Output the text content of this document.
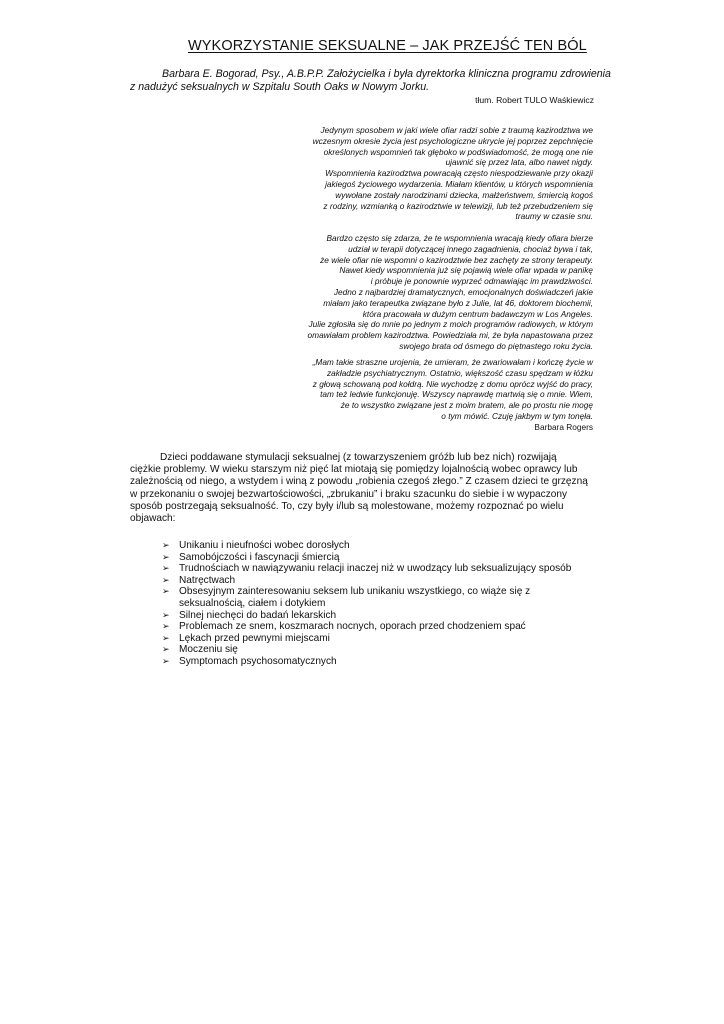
WYKORZYSTANIE SEKSUALNE – JAK PRZEJŚĆ TEN BÓL
Barbara E. Bogorad, Psy., A.B.P.P. Założycielka i była dyrektorka kliniczna programu zdrowienia
z nadużyć seksualnych w Szpitalu South Oaks w Nowym Jorku.
tłum. Robert TULO Waśkiewicz
Jedynym sposobem w jaki wiele ofiar radzi sobie z traumą kazirodztwa we
wczesnym okresie życia jest psychologiczne ukrycie jej poprzez zepchnięcie
określonych wspomnień tak głęboko w podświadomość, że mogą one nie
ujawnić się przez lata, albo nawet nigdy.
Wspomnienia kazirodztwa powracają często niespodziewanie przy okazji
jakiegoś życiowego wydarzenia. Miałam klientów, u których wspomnienia
wywołane zostały narodzinami dziecka, małżeństwem, śmiercią kogoś
z rodziny, wzmianką o kazirodztwie w telewizji, lub też przebudzeniem się
traumy w czasie snu.
Bardzo często się zdarza, że te wspomnienia wracają kiedy ofiara bierze
udział w terapii dotyczącej innego zagadnienia, chociaż bywa i tak,
że wiele ofiar nie wspomni o kazirodztwie bez zachęty ze strony terapeuty.
Nawet kiedy wspomnienia już się pojawią wiele ofiar wpada w panikę
i próbuje je ponownie wyprzeć odmawiając im prawdziwości.
Jedno z najbardziej dramatycznych, emocjonalnych doświadczeń jakie
miałam jako terapeutka związane było z Julie, lat 46, doktorem biochemii,
która pracowała w dużym centrum badawczym w Los Angeles.
Julie zgłosiła się do mnie po jednym z moich programów radiowych, w którym
omawiałam problem kazirodztwa. Powiedziała mi, że była napastowana przez
swojego brata od ósmego do piętnastego roku życia.
„Mam takie straszne urojenia, że umieram, że zwariowałam i kończę życie w
zakładzie psychiatrycznym. Ostatnio, większość czasu spędzam w łóżku
z głową schowaną pod kołdrą. Nie wychodzę z domu oprócz wyjść do pracy,
tam też ledwie funkcjonuję. Wszyscy naprawdę martwią się o mnie. Wiem,
że to wszystko związane jest z moim bratem, ale po prostu nie mogę
o tym mówić. Czuję jakbym w tym tonęła.
Barbara Rogers
Dzieci poddawane stymulacji seksualnej (z towarzyszeniem gróźb lub bez nich) rozwijają
ciężkie problemy. W wieku starszym niż pięć lat miotają się pomiędzy lojalnością wobec oprawcy lub
zależnością od niego, a wstydem i winą z powodu „robienia czegoś złego.” Z czasem dzieci te grzęzną
w przekonaniu o swojej bezwartościowości, „zbrukaniu” i braku szacunku do siebie i w wypaczony
sposób postrzegają seksualność. To, czy były i/lub są molestowane, możemy rozpoznać po wielu
objawach:
➢ Unikaniu i nieufności wobec dorosłych
➢ Samobójczości i fascynacji śmiercią
➢ Trudnościach w nawiązywaniu relacji inaczej niż w uwodzący lub seksualizujący sposób
➢ Natręctwach
➢ Obsesyjnym zainteresowaniu seksem lub unikaniu wszystkiego, co wiąże się z
seksualnością, ciałem i dotykiem
➢ Silnej niechęci do badań lekarskich
➢ Problemach ze snem, koszmarach nocnych, oporach przed chodzeniem spać
➢ Lękach przed pewnymi miejscami
➢ Moczeniu się
➢ Symptomach psychosomatycznych
